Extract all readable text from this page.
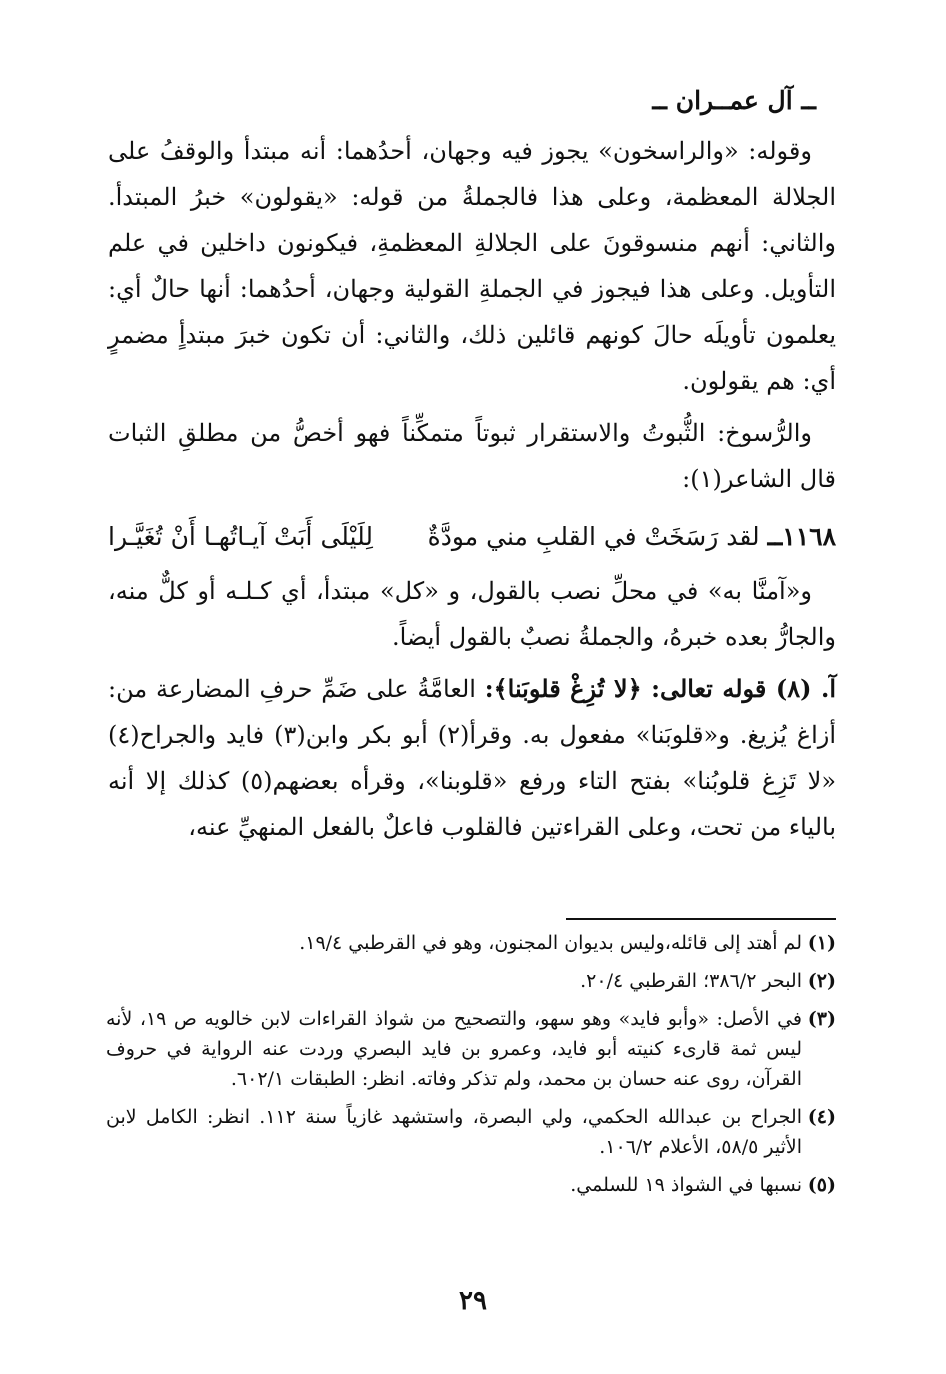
ــ آل عمــران ــ

وقوله: «والراسخون» يجوز فيه وجهان، أحدُهما: أنه مبتدأ والوقفُ على الجلالة المعظمة، وعلى هذا فالجملةُ من قوله: «يقولون» خبرُ المبتدأ. والثاني: أنهم منسوقونَ على الجلالةِ المعظمةِ، فيكونون داخلين في علم التأويل. وعلى هذا فيجوز في الجملةِ القولية وجهان، أحدُهما: أنها حالٌ أي: يعلمون تأويلَه حالَ كونهم قائلين ذلك، والثاني: أن تكون خبرَ مبتدأٍ مضمرٍ أي: هم يقولون.

والرُّسوخ: الثُّبوتُ والاستقرار ثبوتاً متمكِّناً فهو أخصُّ من مطلقِ الثبات قال الشاعر(١):

١١٦٨ــ
لقد رَسَخَتْ في القلبِ مني مودَّةٌ
لِلَيْلَى أَبَتْ آيـاتُهـا أَنْ تُغَيَّـرا

و«آمنَّا به» في محلِّ نصب بالقول، و «كل» مبتدأ، أي كـلـه أو كلٌّ منه، والجارُّ بعده خبرهُ، والجملةُ نصبٌ بالقول أيضاً.

آ. (٨) قوله تعالى: ﴿لا تُزِغْ قلوبَنا﴾: العامَّةُ على ضَمِّ حرفِ المضارعة من: أزاغ يُزيغ. و«قلوبَنا» مفعول به. وقرأ(٢) أبو بكر وابن(٣) فايد والجراح(٤) «لا تَزِغ قلوبُنا» بفتح التاء ورفع «قلوبنا»، وقرأه بعضهم(٥) كذلك إلا أنه بالياء من تحت، وعلى القراءتين فالقلوب فاعلٌ بالفعل المنهيِّ عنه،

(١)
لم أهتد إلى قائله،وليس بديوان المجنون، وهو في القرطبي ١٩/٤.
(٢)
البحر ٣٨٦/٢؛ القرطبي ٢٠/٤.
(٣)
في الأصل: «وأبو فايد» وهو سهو، والتصحيح من شواذ القراءات لابن خالويه ص ١٩، لأنه ليس ثمة قارىء كنيته أبو فايد، وعمرو بن فايد البصري وردت عنه الرواية في حروف القرآن، روى عنه حسان بن محمد، ولم تذكر وفاته. انظر: الطبقات ٦٠٢/١.
(٤)
الجراح بن عبدالله الحكمي، ولي البصرة، واستشهد غازياً سنة ١١٢. انظر: الكامل لابن الأثير ٥٨/٥، الأعلام ١٠٦/٢.
(٥)
نسبها في الشواذ ١٩ للسلمي.
٢٩
